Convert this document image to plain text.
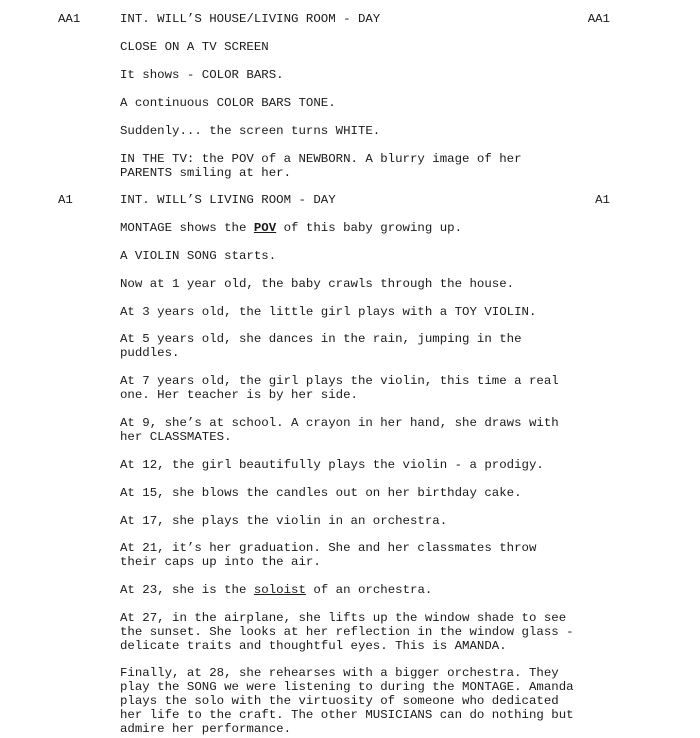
AA1	INT. WILL’S HOUSE/LIVING ROOM - DAY	AA1
CLOSE ON A TV SCREEN
It shows - COLOR BARS.
A continuous COLOR BARS TONE.
Suddenly... the screen turns WHITE.
IN THE TV: the POV of a NEWBORN. A blurry image of her
PARENTS smiling at her.
A1	INT. WILL’S LIVING ROOM - DAY	A1
MONTAGE shows the POV of this baby growing up.
A VIOLIN SONG starts.
Now at 1 year old, the baby crawls through the house.
At 3 years old, the little girl plays with a TOY VIOLIN.
At 5 years old, she dances in the rain, jumping in the
puddles.
At 7 years old, the girl plays the violin, this time a real
one. Her teacher is by her side.
At 9, she’s at school. A crayon in her hand, she draws with
her CLASSMATES.
At 12, the girl beautifully plays the violin - a prodigy.
At 15, she blows the candles out on her birthday cake.
At 17, she plays the violin in an orchestra.
At 21, it’s her graduation. She and her classmates throw
their caps up into the air.
At 23, she is the soloist of an orchestra.
At 27, in the airplane, she lifts up the window shade to see
the sunset. She looks at her reflection in the window glass -
delicate traits and thoughtful eyes. This is AMANDA.
Finally, at 28, she rehearses with a bigger orchestra. They
play the SONG we were listening to during the MONTAGE. Amanda
plays the solo with the virtuosity of someone who dedicated
her life to the craft. The other MUSICIANS can do nothing but
admire her performance.
